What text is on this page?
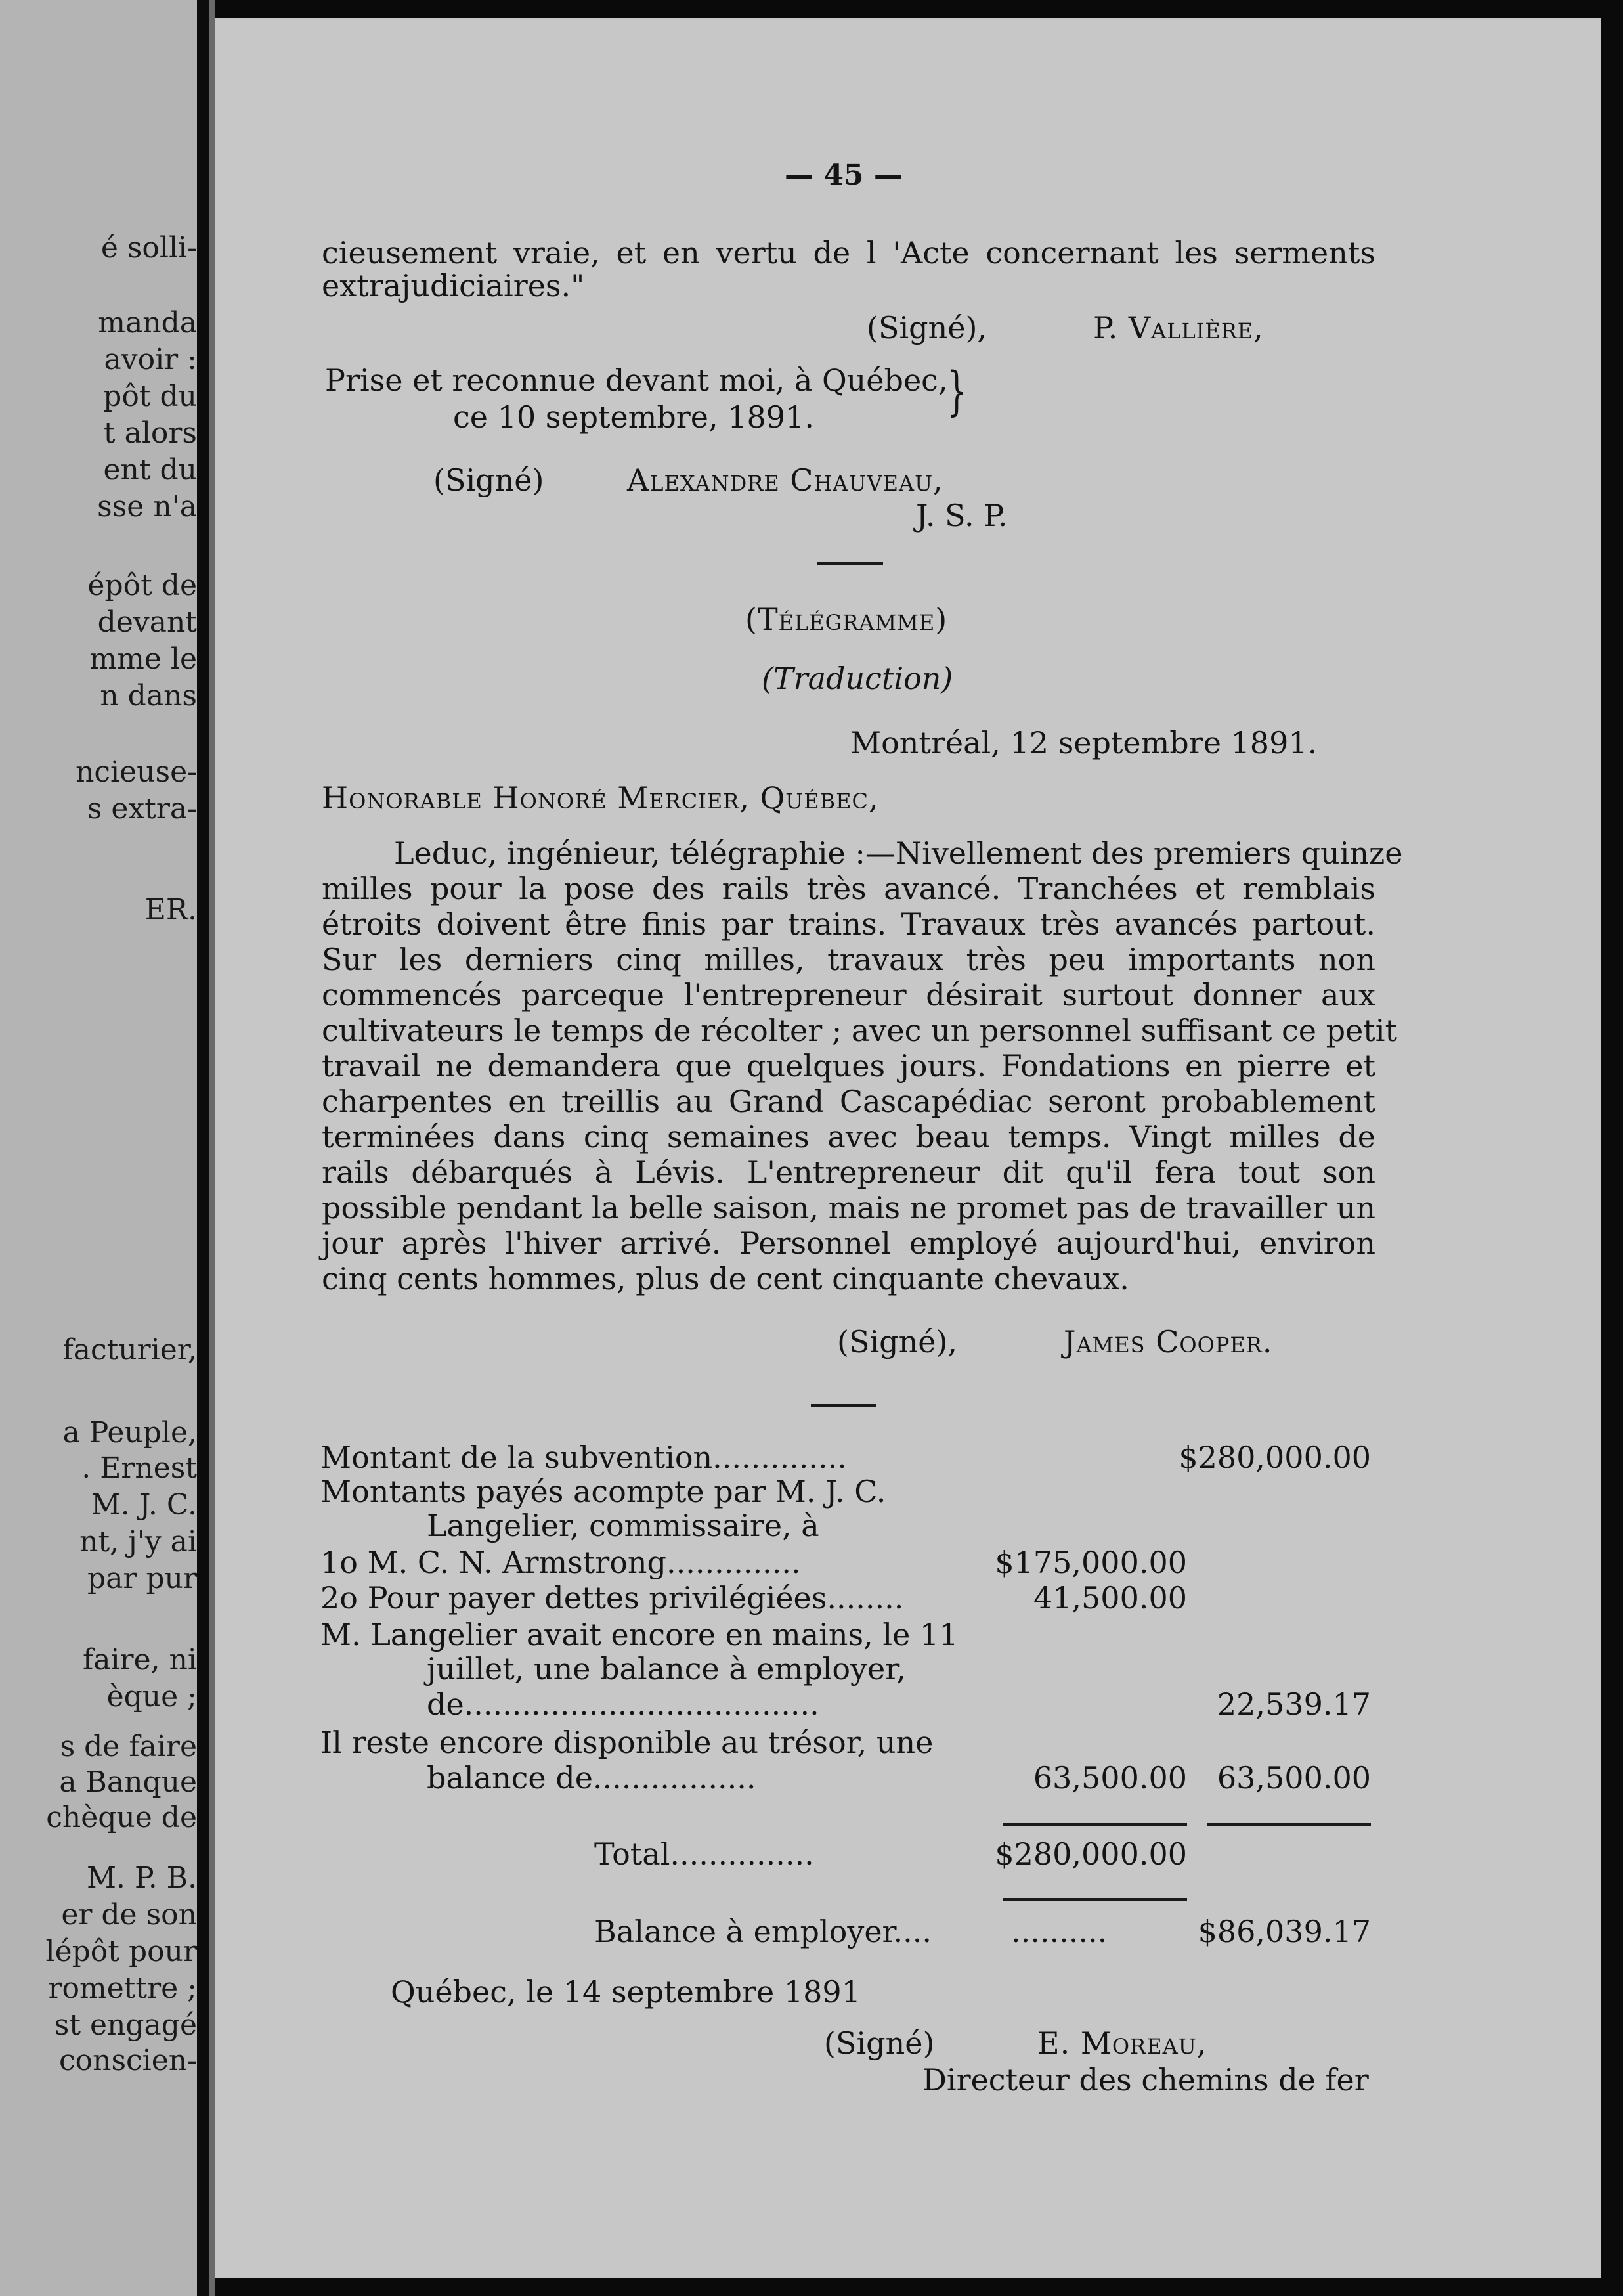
é solli-
manda
avoir :
pôt du
t alors
ent du
sse n'a
épôt de
devant
mme le
n dans
ncieuse-
s extra-
ER.
facturier,
a Peuple,
. Ernest
M. J. C.
nt, j'y ai
par pur
faire, ni
èque ;
s de faire
a Banque
chèque de
M. P. B.
er de son
lépôt pour
romettre ;
st engagé
conscien-
— 45 —
cieusement vraie, et en vertu de l 'Acte concernant les serments
extrajudiciaires."
(Signé),	P. Vallière,
Prise et reconnue devant moi, à Québec,
ce 10 septembre, 1891.	}
(Signé)	Alexandre Chauveau,
J. S. P.
(Télégramme)
(Traduction)
Montréal, 12 septembre 1891.
Honorable Honoré Mercier, Québec,
Leduc, ingénieur, télégraphie :—Nivellement des premiers quinze
milles pour la pose des rails très avancé. Tranchées et remblais
étroits doivent être finis par trains. Travaux très avancés partout.
Sur les derniers cinq milles, travaux très peu importants non
commencés parceque l'entrepreneur désirait surtout donner aux
cultivateurs le temps de récolter ; avec un personnel suffisant ce petit
travail ne demandera que quelques jours. Fondations en pierre et
charpentes en treillis au Grand Cascapédiac seront probablement
terminées dans cinq semaines avec beau temps. Vingt milles de
rails débarqués à Lévis. L'entrepreneur dit qu'il fera tout son
possible pendant la belle saison, mais ne promet pas de travailler un
jour après l'hiver arrivé. Personnel employé aujourd'hui, environ
cinq cents hommes, plus de cent cinquante chevaux.
(Signé),	James Cooper.
Montant de la subvention..............	$280,000.00
Montants payés acompte par M. J. C.
Langelier, commissaire, à
1o M. C. N. Armstrong..............	$175,000.00
2o Pour payer dettes privilégiées........	41,500.00
M. Langelier avait encore en mains, le 11
juillet, une balance à employer,
de.....................................	22,539.17
Il reste encore disponible au trésor, une
balance de.................	63,500.00 63,500.00
Total...............	$280,000.00
Balance à employer....	..........	$86,039.17
Québec, le 14 septembre 1891
(Signé)	E. Moreau,
Directeur des chemins de fer
